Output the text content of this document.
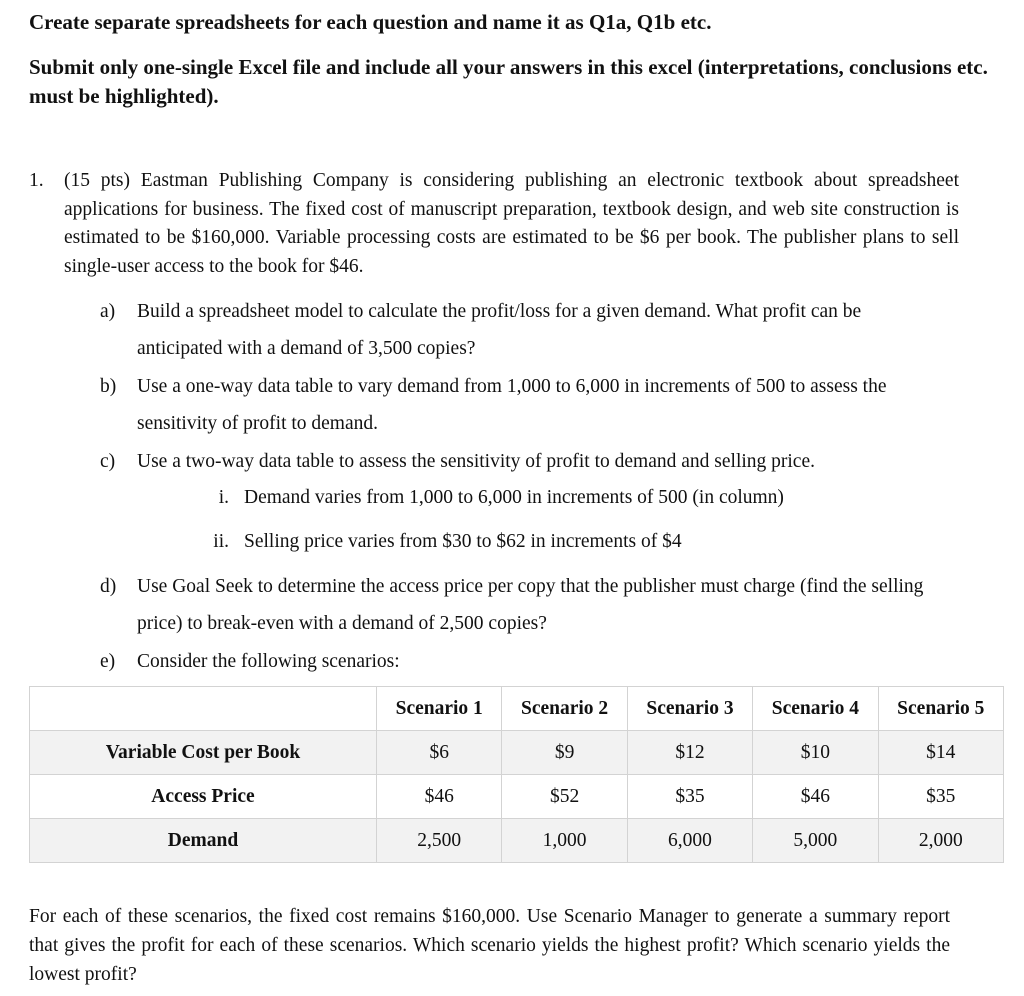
Create separate spreadsheets for each question and name it as Q1a, Q1b etc.

Submit only one-single Excel file and include all your answers in this excel (interpretations, conclusions etc. must be highlighted).

1. (15 pts) Eastman Publishing Company is considering publishing an electronic textbook about spreadsheet applications for business. The fixed cost of manuscript preparation, textbook design, and web site construction is estimated to be $160,000. Variable processing costs are estimated to be $6 per book. The publisher plans to sell single-user access to the book for $46.
a) Build a spreadsheet model to calculate the profit/loss for a given demand. What profit can be anticipated with a demand of 3,500 copies?
b) Use a one-way data table to vary demand from 1,000 to 6,000 in increments of 500 to assess the sensitivity of profit to demand.
c) Use a two-way data table to assess the sensitivity of profit to demand and selling price.
i. Demand varies from 1,000 to 6,000 in increments of 500 (in column)
ii. Selling price varies from $30 to $62 in increments of $4
d) Use Goal Seek to determine the access price per copy that the publisher must charge (find the selling price) to break-even with a demand of 2,500 copies?
e) Consider the following scenarios:
	Scenario 1	Scenario 2	Scenario 3	Scenario 4	Scenario 5
Variable Cost per Book	$6	$9	$12	$10	$14
Access Price	$46	$52	$35	$46	$35
Demand	2,500	1,000	6,000	5,000	2,000

For each of these scenarios, the fixed cost remains $160,000. Use Scenario Manager to generate a summary report that gives the profit for each of these scenarios. Which scenario yields the highest profit? Which scenario yields the lowest profit?
